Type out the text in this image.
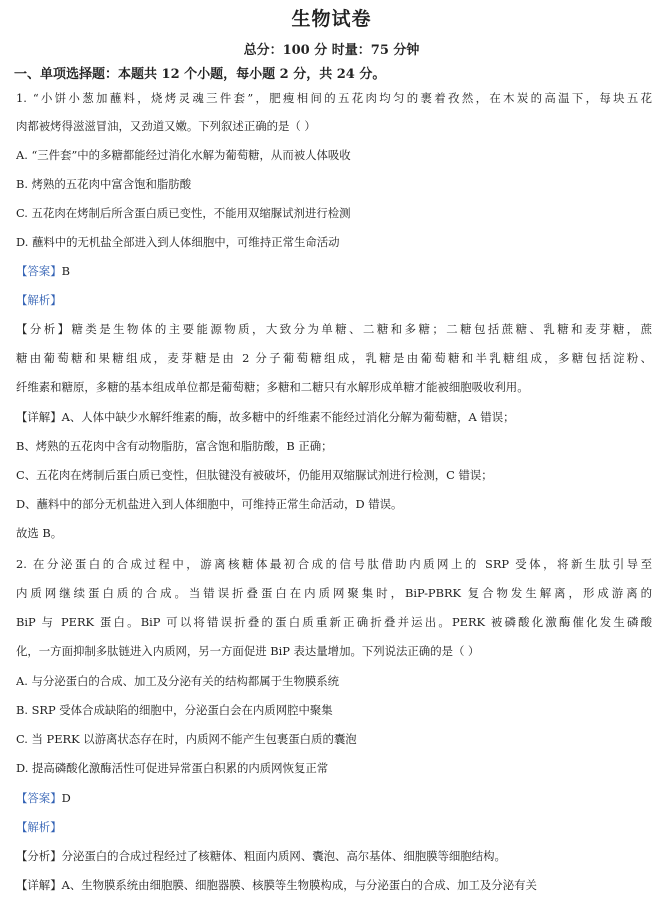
生物试卷
总分：100 分 时量：75 分钟
一、单项选择题：本题共 12 个小题，每小题 2 分，共 24 分。
1. “小饼小葱加蘸料，烧烤灵魂三件套”，肥瘦相间的五花肉均匀的裹着孜然，在木炭的高温下，每块五花
肉都被烤得滋滋冒油，又劲道又嫩。下列叙述正确的是（ ）
A. “三件套”中的多糖都能经过消化水解为葡萄糖，从而被人体吸收
B. 烤熟的五花肉中富含饱和脂肪酸
C. 五花肉在烤制后所含蛋白质已变性，不能用双缩脲试剂进行检测
D. 蘸料中的无机盐全部进入到人体细胞中，可维持正常生命活动
【答案】B
【解析】
【分析】糖类是生物体的主要能源物质，大致分为单糖、二糖和多糖；二糖包括蔗糖、乳糖和麦芽糖，蔗
糖由葡萄糖和果糖组成，麦芽糖是由 2 分子葡萄糖组成，乳糖是由葡萄糖和半乳糖组成，多糖包括淀粉、
纤维素和糖原，多糖的基本组成单位都是葡萄糖；多糖和二糖只有水解形成单糖才能被细胞吸收利用。
【详解】A、人体中缺少水解纤维素的酶，故多糖中的纤维素不能经过消化分解为葡萄糖，A 错误；
B、烤熟的五花肉中含有动物脂肪，富含饱和脂肪酸，B 正确；
C、五花肉在烤制后蛋白质已变性，但肽键没有被破坏，仍能用双缩脲试剂进行检测，C 错误；
D、蘸料中的部分无机盐进入到人体细胞中，可维持正常生命活动，D 错误。
故选 B。
2. 在分泌蛋白的合成过程中，游离核糖体最初合成的信号肽借助内质网上的 SRP 受体，将新生肽引导至
内质网继续蛋白质的合成。当错误折叠蛋白在内质网聚集时，BiP-PBRK 复合物发生解离，形成游离的
BiP 与 PERK 蛋白。BiP 可以将错误折叠的蛋白质重新正确折叠并运出。PERK 被磷酸化激酶催化发生磷酸
化，一方面抑制多肽链进入内质网，另一方面促进 BiP 表达量增加。下列说法正确的是（ ）
A. 与分泌蛋白的合成、加工及分泌有关的结构都属于生物膜系统
B. SRP 受体合成缺陷的细胞中，分泌蛋白会在内质网腔中聚集
C. 当 PERK 以游离状态存在时，内质网不能产生包裹蛋白质的囊泡
D. 提高磷酸化激酶活性可促进异常蛋白积累的内质网恢复正常
【答案】D
【解析】
【分析】分泌蛋白的合成过程经过了核糖体、粗面内质网、囊泡、高尔基体、细胞膜等细胞结构。
【详解】A、生物膜系统由细胞膜、细胞器膜、核膜等生物膜构成，与分泌蛋白的合成、加工及分泌有关
